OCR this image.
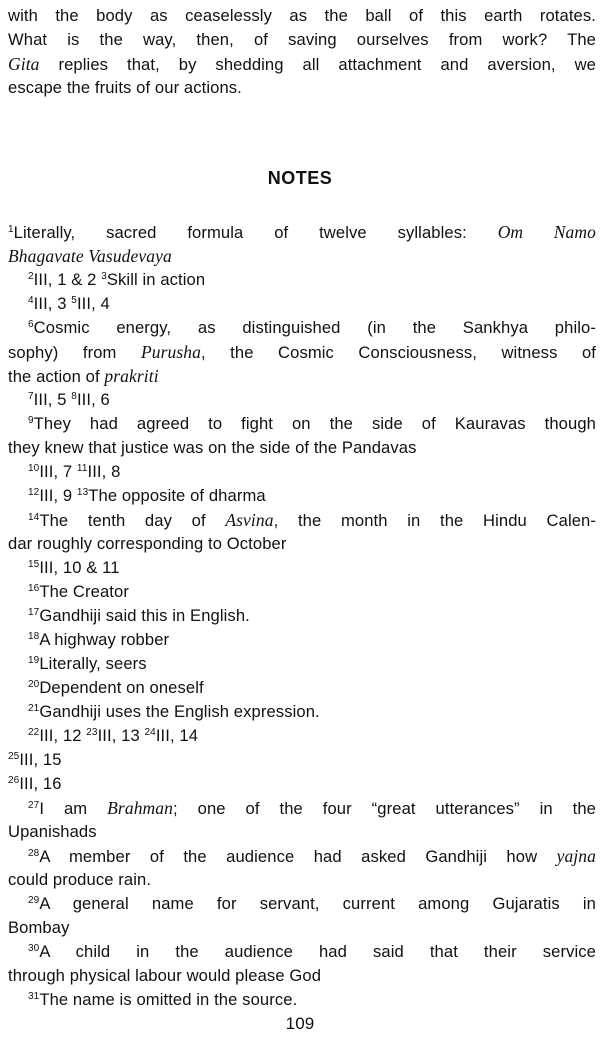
with the body as ceaselessly as the ball of this earth rotates.
What is the way, then, of saving ourselves from work? The
Gita replies that, by shedding all attachment and aversion, we
escape the fruits of our actions.
NOTES
$^1$Literally, sacred formula of twelve syllables: Om Namo
Bhagavate Vasudevaya
$^2$III, 1 & 2 $^3$Skill in action
$^4$III, 3 $^5$III, 4
$^6$Cosmic energy, as distinguished (in the Sankhya philo-
sophy) from Purusha, the Cosmic Consciousness, witness of
the action of prakriti
$^7$III, 5 $^8$III, 6
$^9$They had agreed to fight on the side of Kauravas though
they knew that justice was on the side of the Pandavas
$^{10}$III, 7 $^{11}$III, 8
$^{12}$III, 9 $^{13}$The opposite of dharma
$^{14}$The tenth day of Asvina, the month in the Hindu Calen-
dar roughly corresponding to October
$^{15}$III, 10 & 11
$^{16}$The Creator
$^{17}$Gandhiji said this in English.
$^{18}$A highway robber
$^{19}$Literally, seers
$^{20}$Dependent on oneself
$^{21}$Gandhiji uses the English expression.
$^{22}$III, 12 $^{23}$III, 13 $^{24}$III, 14
$^{25}$III, 15
$^{26}$III, 16
$^{27}$I am Brahman; one of the four “great utterances” in the
Upanishads
$^{28}$A member of the audience had asked Gandhiji how yajna
could produce rain.
$^{29}$A general name for servant, current among Gujaratis in
Bombay
$^{30}$A child in the audience had said that their service
through physical labour would please God
$^{31}$The name is omitted in the source.
109
